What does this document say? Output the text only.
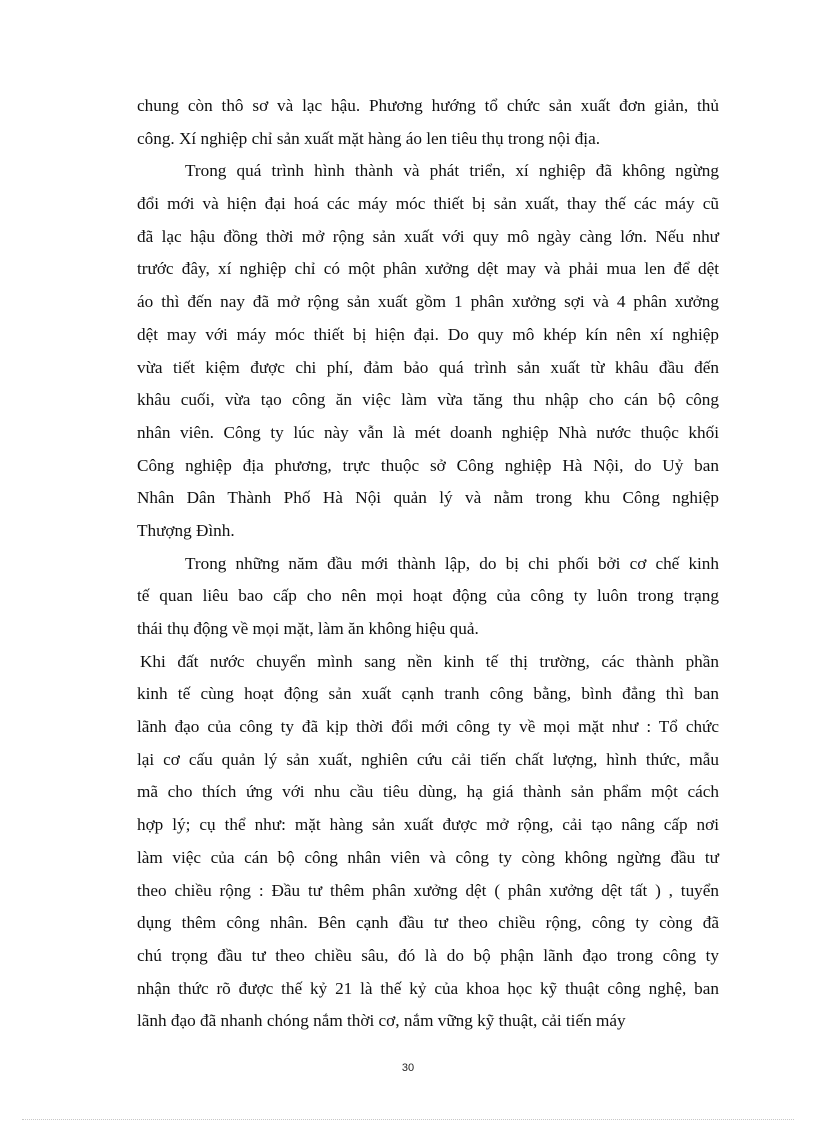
chung còn thô sơ và lạc hậu. Phương hướng tổ chức sản xuất đơn giản, thủ
công. Xí nghiệp chỉ sản xuất mặt hàng áo len tiêu thụ trong nội địa.
Trong quá trình hình thành và phát triển, xí nghiệp đã không ngừng
đổi mới và hiện đại hoá các máy móc thiết bị sản xuất, thay thế các máy cũ
đã lạc hậu đồng thời mở rộng sản xuất với quy mô ngày càng lớn. Nếu như
trước đây, xí nghiệp chỉ có một phân xưởng dệt may và phải mua len để dệt
áo thì đến nay đã mở rộng sản xuất gồm 1 phân xưởng sợi và 4 phân xưởng
dệt may với máy móc thiết bị hiện đại. Do quy mô khép kín nên xí nghiệp
vừa tiết kiệm được chi phí, đảm bảo quá trình sản xuất từ khâu đầu đến
khâu cuối, vừa tạo công ăn việc làm vừa tăng thu nhập cho cán bộ công
nhân viên. Công ty lúc này vẫn là mét doanh nghiệp Nhà nước thuộc khối
Công nghiệp địa phương, trực thuộc sở Công nghiệp Hà Nội, do Uỷ ban
Nhân Dân Thành Phố Hà Nội quản lý và nằm trong khu Công nghiệp
Thượng Đình.
Trong những năm đầu mới thành lập, do bị chi phối bởi cơ chế kinh
tế quan liêu bao cấp cho nên mọi hoạt động của công ty luôn trong trạng
thái thụ động về mọi mặt, làm ăn không hiệu quả.
Khi đất nước chuyển mình sang nền kinh tế thị trường, các thành phần
kinh tế cùng hoạt động sản xuất cạnh tranh công bằng, bình đẳng thì ban
lãnh đạo của công ty đã kịp thời đổi mới công ty về mọi mặt như : Tổ chức
lại cơ cấu quản lý sản xuất, nghiên cứu cải tiến chất lượng, hình thức, mẫu
mã cho thích ứng với nhu cầu tiêu dùng, hạ giá thành sản phẩm một cách
hợp lý; cụ thể như: mặt hàng sản xuất được mở rộng, cải tạo nâng cấp nơi
làm việc của cán bộ công nhân viên và công ty còng không ngừng đầu tư
theo chiều rộng : Đầu tư thêm phân xưởng dệt ( phân xưởng dệt tất ) , tuyển
dụng thêm công nhân. Bên cạnh đầu tư theo chiều rộng, công ty còng đã
chú trọng đầu tư theo chiều sâu, đó là do bộ phận lãnh đạo trong công ty
nhận thức rõ được thế kỷ 21 là thế kỷ của khoa học kỹ thuật công nghệ, ban
lãnh đạo đã nhanh chóng nắm thời cơ, nắm vững kỹ thuật, cải tiến máy
30
